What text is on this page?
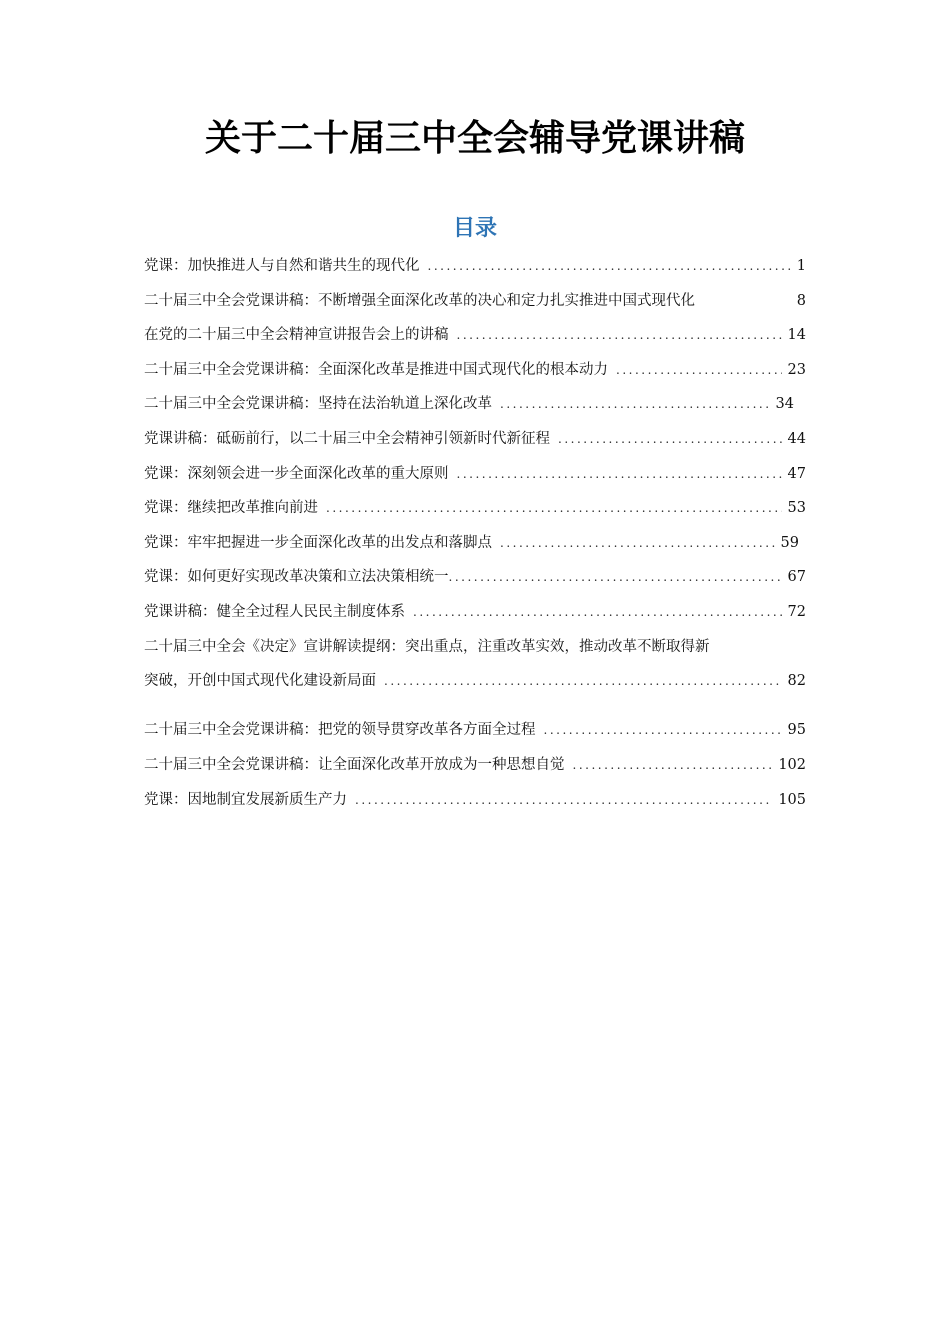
关于二十届三中全会辅导党课讲稿
目录
党课：加快推进人与自然和谐共生的现代化 .....	1
二十届三中全会党课讲稿：不断增强全面深化改革的决心和定力扎实推进中国式现代化	8
在党的二十届三中全会精神宣讲报告会上的讲稿 .....	14
二十届三中全会党课讲稿：全面深化改革是推进中国式现代化的根本动力 .....	23
二十届三中全会党课讲稿：坚持在法治轨道上深化改革 .....	34
党课讲稿：砥砺前行，以二十届三中全会精神引领新时代新征程 .....	44
党课：深刻领会进一步全面深化改革的重大原则 .....	47
党课：继续把改革推向前进 .....	53
党课：牢牢把握进一步全面深化改革的出发点和落脚点 .....	59
党课：如何更好实现改革决策和立法决策相统一 .....	67
党课讲稿：健全全过程人民民主制度体系 .....	72
二十届三中全会《决定》宣讲解读提纲：突出重点，注重改革实效，推动改革不断取得新
突破，开创中国式现代化建设新局面 .....	82
二十届三中全会党课讲稿：把党的领导贯穿改革各方面全过程 .....	95
二十届三中全会党课讲稿：让全面深化改革开放成为一种思想自觉 .....	102
党课：因地制宜发展新质生产力 .....	105
